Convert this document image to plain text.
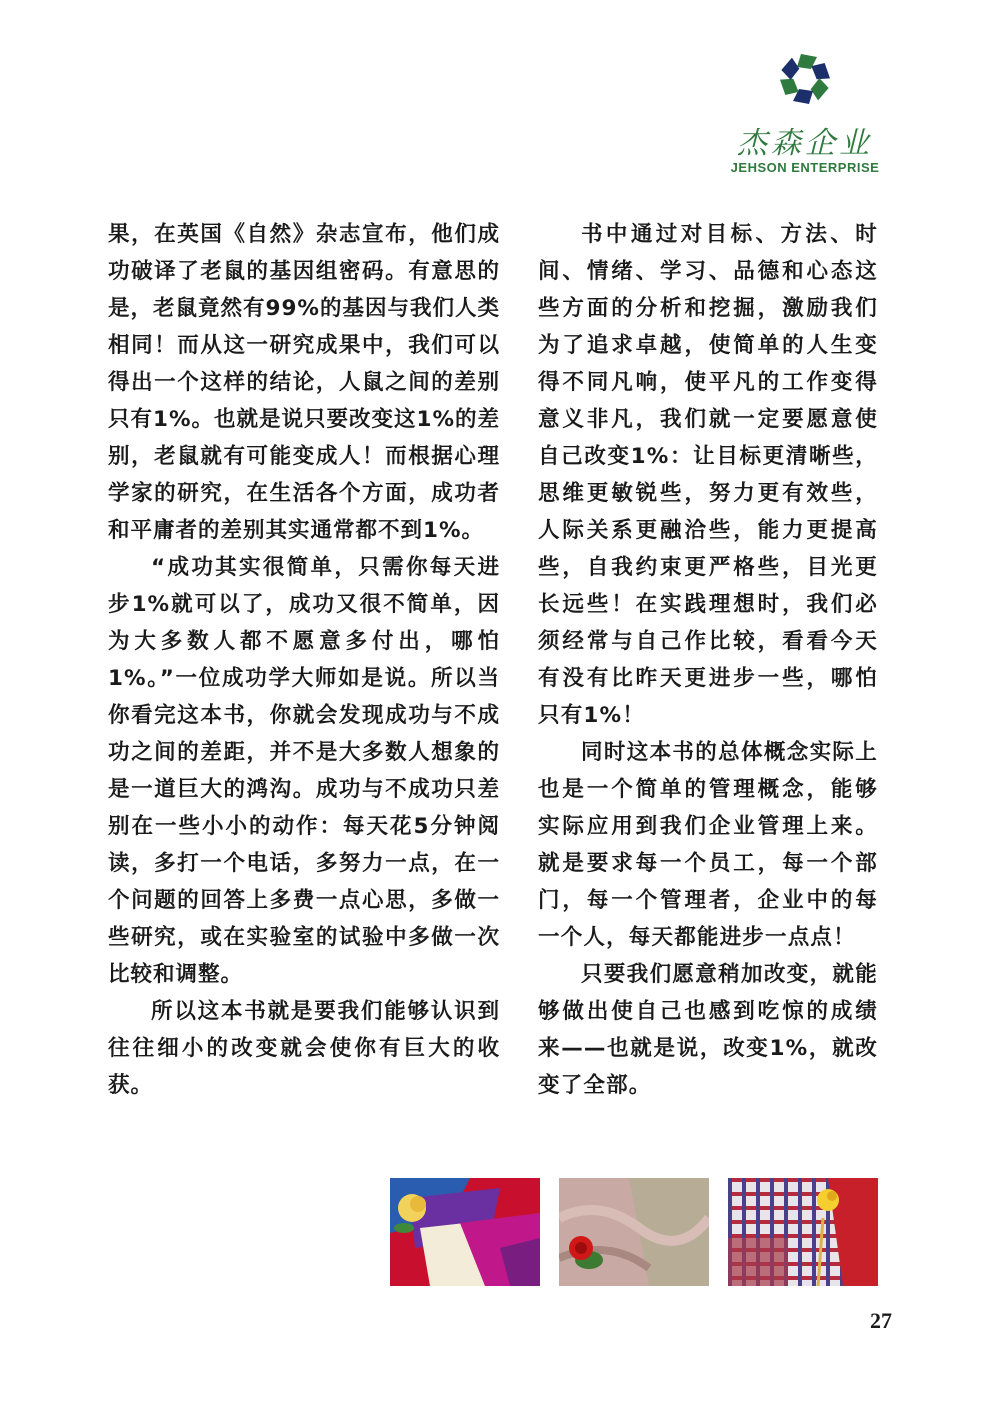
杰森企业
JEHSON ENTERPRISE

果，在英国《自然》杂志宣布，他们成功破译了老鼠的基因组密码。有意思的是，老鼠竟然有99%的基因与我们人类相同！而从这一研究成果中，我们可以得出一个这样的结论，人鼠之间的差别只有1%。也就是说只要改变这1%的差别，老鼠就有可能变成人！而根据心理学家的研究，在生活各个方面，成功者和平庸者的差别其实通常都不到1%。

“成功其实很简单，只需你每天进步1%就可以了，成功又很不简单，因为大多数人都不愿意多付出，哪怕1%。”一位成功学大师如是说。所以当你看完这本书，你就会发现成功与不成功之间的差距，并不是大多数人想象的是一道巨大的鸿沟。成功与不成功只差别在一些小小的动作：每天花5分钟阅读，多打一个电话，多努力一点，在一个问题的回答上多费一点心思，多做一些研究，或在实验室的试验中多做一次比较和调整。

所以这本书就是要我们能够认识到往往细小的改变就会使你有巨大的收获。

书中通过对目标、方法、时间、情绪、学习、品德和心态这些方面的分析和挖掘，激励我们为了追求卓越，使简单的人生变得不同凡响，使平凡的工作变得意义非凡，我们就一定要愿意使自己改变1%：让目标更清晰些，思维更敏锐些，努力更有效些，人际关系更融洽些，能力更提高些，自我约束更严格些，目光更长远些！在实践理想时，我们必须经常与自己作比较，看看今天有没有比昨天更进步一些，哪怕只有1%！

同时这本书的总体概念实际上也是一个简单的管理概念，能够实际应用到我们企业管理上来。就是要求每一个员工，每一个部门，每一个管理者，企业中的每一个人，每天都能进步一点点！

只要我们愿意稍加改变，就能够做出使自己也感到吃惊的成绩来——也就是说，改变1%，就改变了全部。

27
